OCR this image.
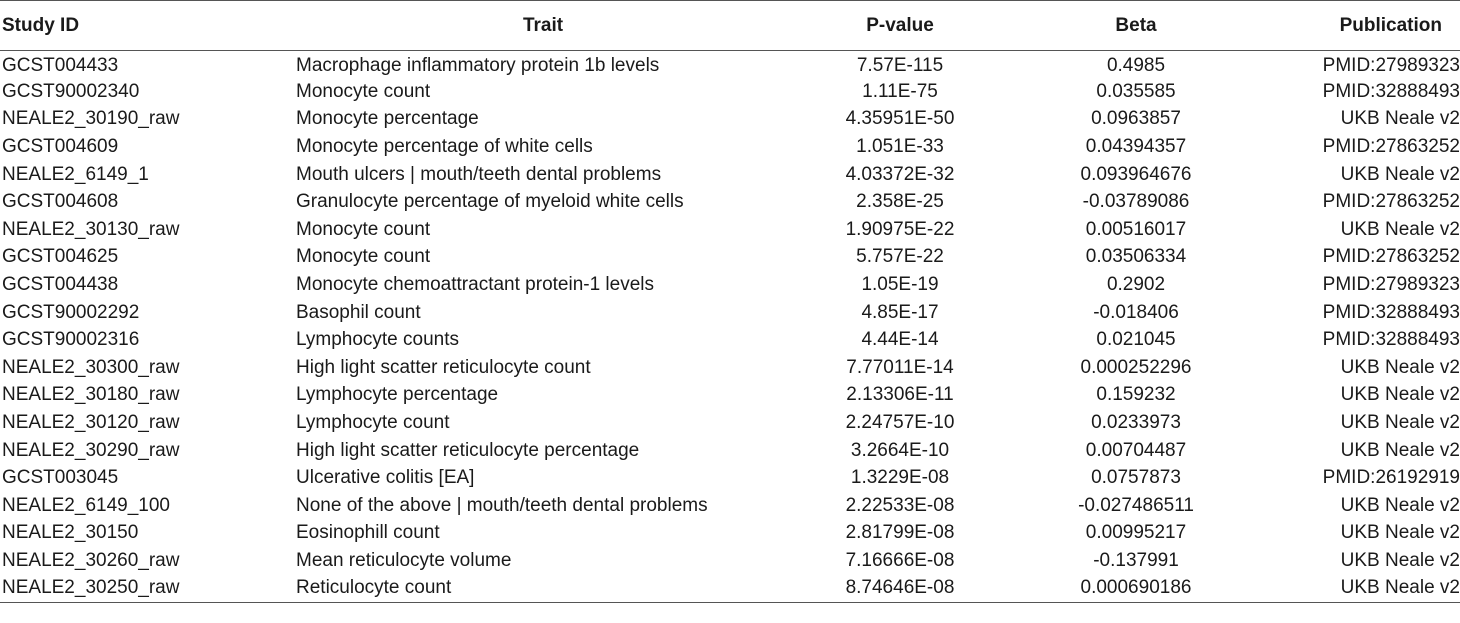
Study ID	Trait	P-value	Beta	Publication
GCST004433	Macrophage inflammatory protein 1b levels	7.57E-115	0.4985	PMID:27989323
GCST90002340	Monocyte count	1.11E-75	0.035585	PMID:32888493
NEALE2_30190_raw	Monocyte percentage	4.35951E-50	0.0963857	UKB Neale v2
GCST004609	Monocyte percentage of white cells	1.051E-33	0.04394357	PMID:27863252
NEALE2_6149_1	Mouth ulcers | mouth/teeth dental problems	4.03372E-32	0.093964676	UKB Neale v2
GCST004608	Granulocyte percentage of myeloid white cells	2.358E-25	-0.03789086	PMID:27863252
NEALE2_30130_raw	Monocyte count	1.90975E-22	0.00516017	UKB Neale v2
GCST004625	Monocyte count	5.757E-22	0.03506334	PMID:27863252
GCST004438	Monocyte chemoattractant protein-1 levels	1.05E-19	0.2902	PMID:27989323
GCST90002292	Basophil count	4.85E-17	-0.018406	PMID:32888493
GCST90002316	Lymphocyte counts	4.44E-14	0.021045	PMID:32888493
NEALE2_30300_raw	High light scatter reticulocyte count	7.77011E-14	0.000252296	UKB Neale v2
NEALE2_30180_raw	Lymphocyte percentage	2.13306E-11	0.159232	UKB Neale v2
NEALE2_30120_raw	Lymphocyte count	2.24757E-10	0.0233973	UKB Neale v2
NEALE2_30290_raw	High light scatter reticulocyte percentage	3.2664E-10	0.00704487	UKB Neale v2
GCST003045	Ulcerative colitis [EA]	1.3229E-08	0.0757873	PMID:26192919
NEALE2_6149_100	None of the above | mouth/teeth dental problems	2.22533E-08	-0.027486511	UKB Neale v2
NEALE2_30150	Eosinophill count	2.81799E-08	0.00995217	UKB Neale v2
NEALE2_30260_raw	Mean reticulocyte volume	7.16666E-08	-0.137991	UKB Neale v2
NEALE2_30250_raw	Reticulocyte count	8.74646E-08	0.000690186	UKB Neale v2
